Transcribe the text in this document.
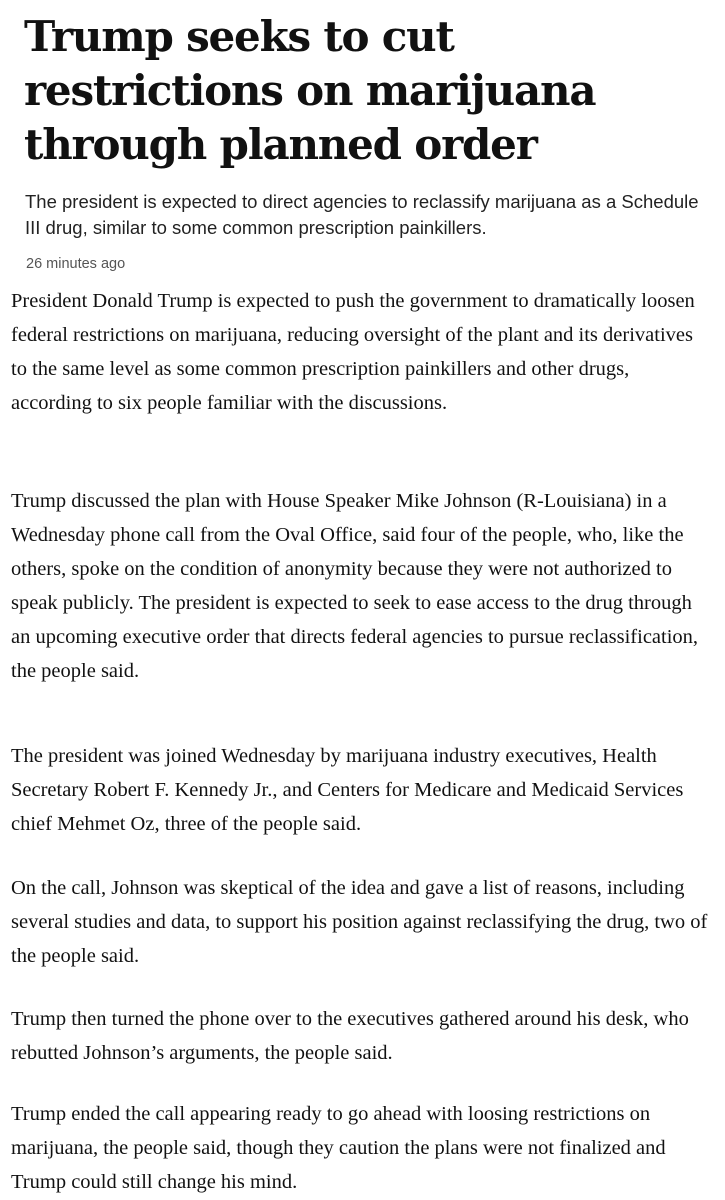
Trump seeks to cut restrictions on marijuana through planned order

The president is expected to direct agencies to reclassify marijuana as a Schedule III drug, similar to some common prescription painkillers.

26 minutes ago

President Donald Trump is expected to push the government to dramatically loosen federal restrictions on marijuana, reducing oversight of the plant and its derivatives to the same level as some common prescription painkillers and other drugs, according to six people familiar with the discussions.

Trump discussed the plan with House Speaker Mike Johnson (R-Louisiana) in a Wednesday phone call from the Oval Office, said four of the people, who, like the others, spoke on the condition of anonymity because they were not authorized to speak publicly. The president is expected to seek to ease access to the drug through an upcoming executive order that directs federal agencies to pursue reclassification, the people said.

The president was joined Wednesday by marijuana industry executives, Health Secretary Robert F. Kennedy Jr., and Centers for Medicare and Medicaid Services chief Mehmet Oz, three of the people said.

On the call, Johnson was skeptical of the idea and gave a list of reasons, including several studies and data, to support his position against reclassifying the drug, two of the people said.

Trump then turned the phone over to the executives gathered around his desk, who rebutted Johnson’s arguments, the people said.

Trump ended the call appearing ready to go ahead with loosing restrictions on marijuana, the people said, though they caution the plans were not finalized and Trump could still change his mind.
